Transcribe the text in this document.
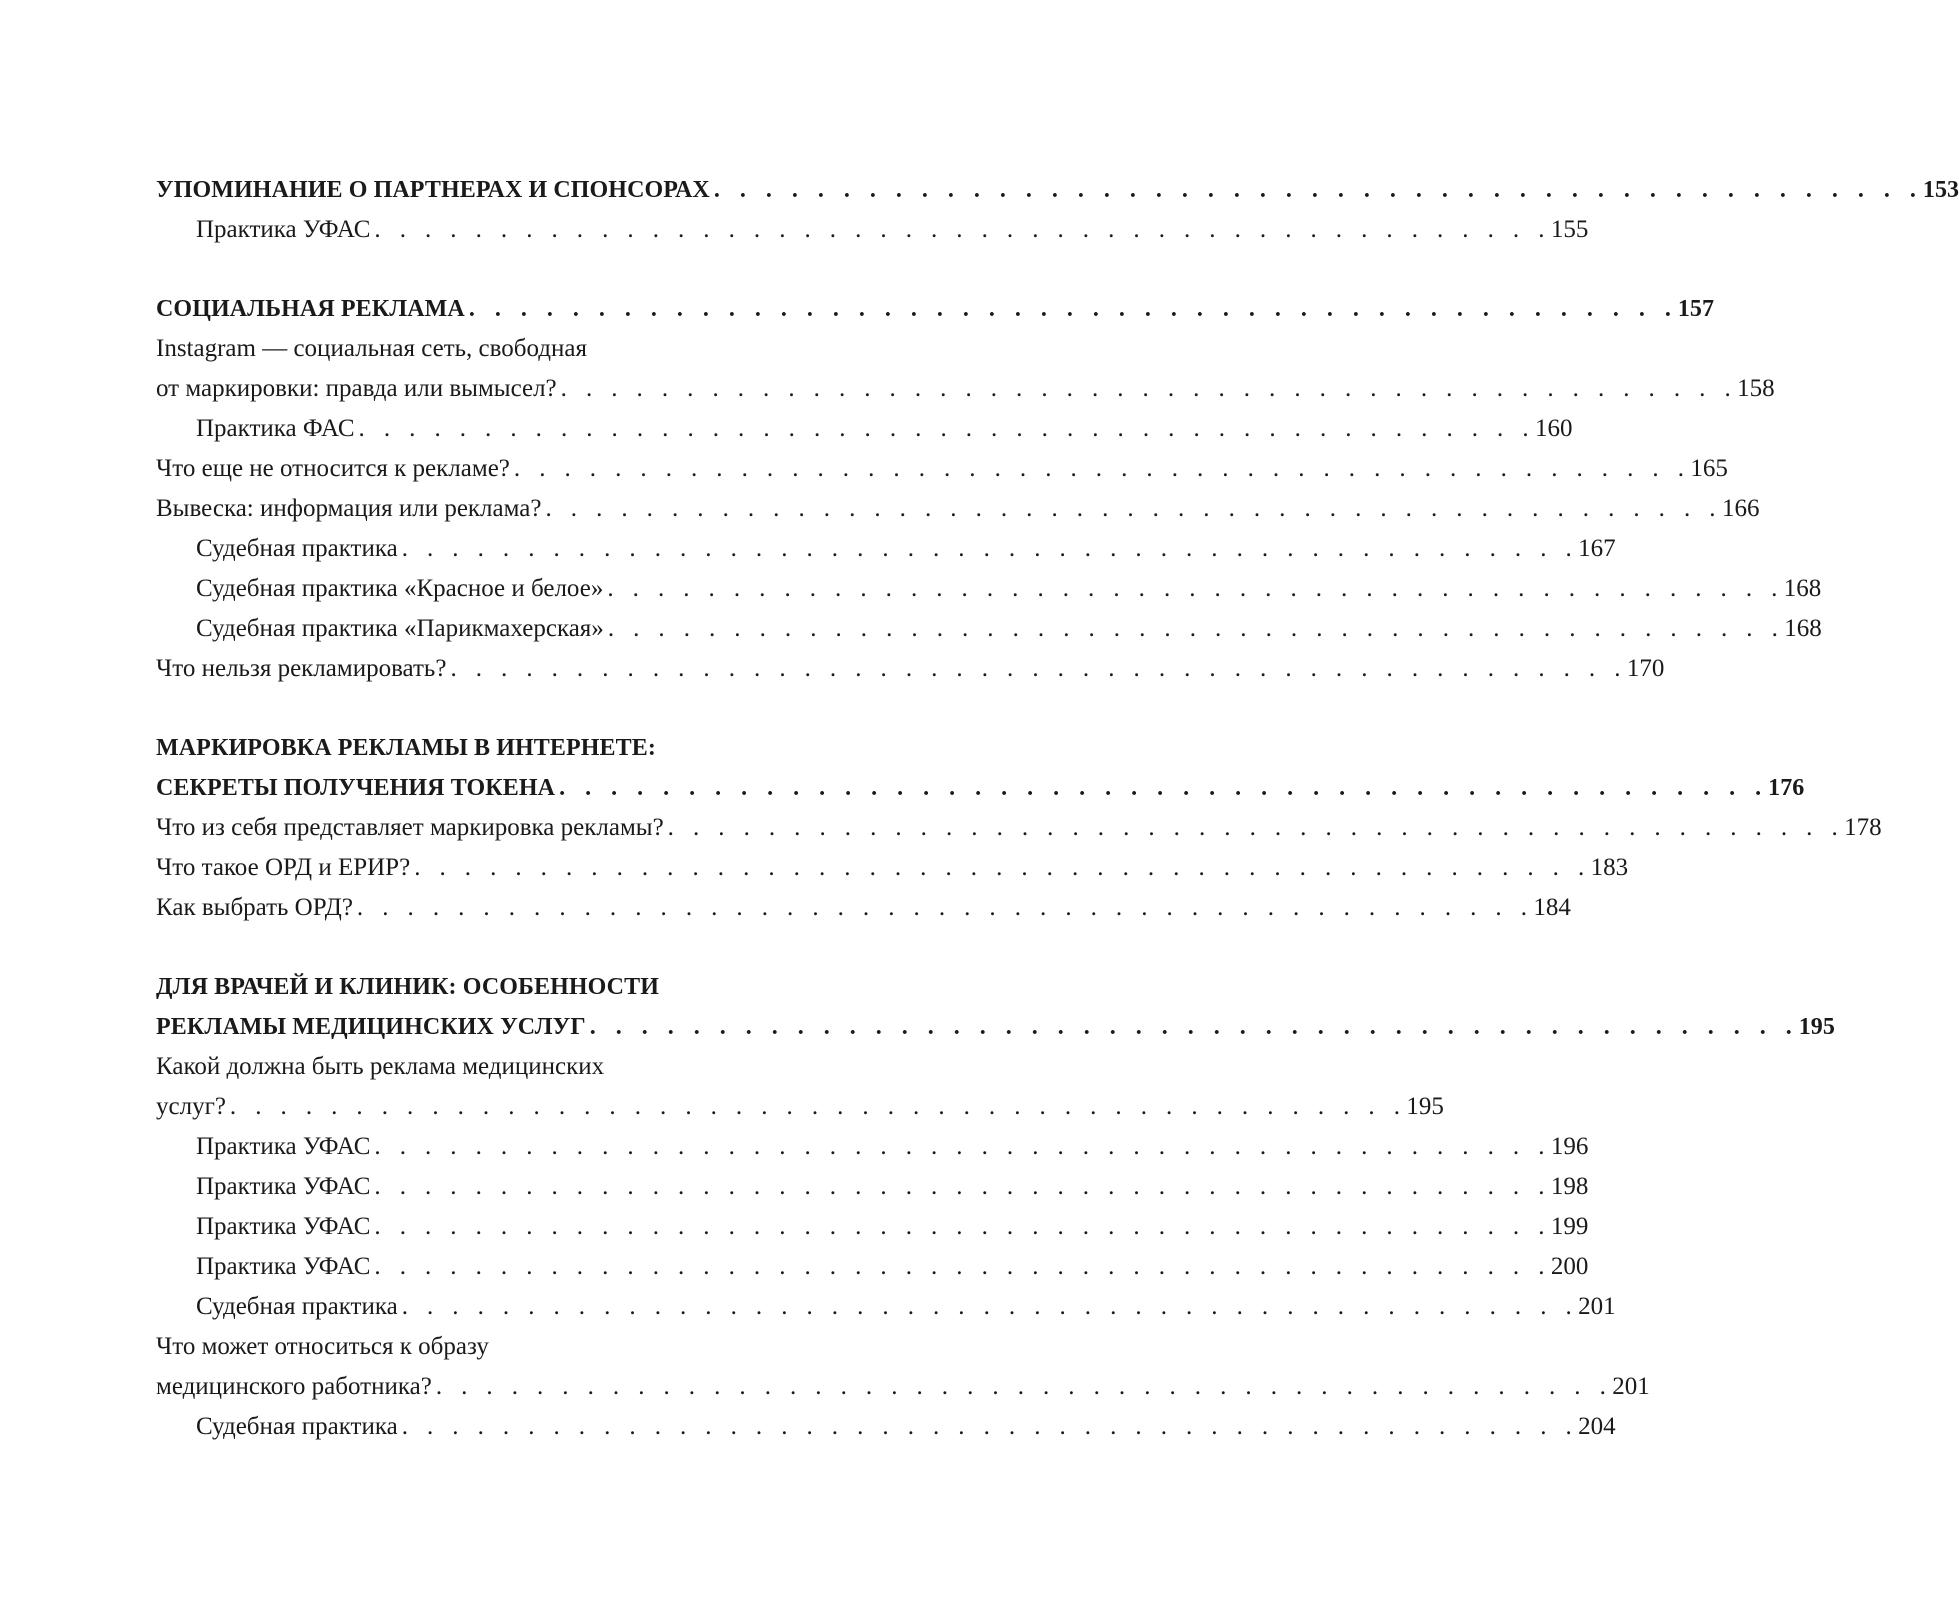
УПОМИНАНИЕ О ПАРТНЕРАХ И СПОНСОРАХ . . . . . . . . . . . . . . . . . . . . . . . . . . . . . . . . . . . . . . . . . . . . . . . 153
Практика УФАС . . . . . . . . . . . . . . . . . . . . . . . . . . . . . . . . . . . . . . . . . . . . . . . 155
СОЦИАЛЬНАЯ РЕКЛАМА . . . . . . . . . . . . . . . . . . . . . . . . . . . . . . . . . . . . . . . . . . . . . . . 157
Instagram — социальная сеть, свободная
от маркировки: правда или вымысел? . . . . . . . . . . . . . . . . . . . . . . . . . . . . . . . . . . . . . . . . . . . . . . . 158
Практика ФАС . . . . . . . . . . . . . . . . . . . . . . . . . . . . . . . . . . . . . . . . . . . . . . . 160
Что еще не относится к рекламе? . . . . . . . . . . . . . . . . . . . . . . . . . . . . . . . . . . . . . . . . . . . . . . . 165
Вывеска: информация или реклама? . . . . . . . . . . . . . . . . . . . . . . . . . . . . . . . . . . . . . . . . . . . . . . . 166
Судебная практика . . . . . . . . . . . . . . . . . . . . . . . . . . . . . . . . . . . . . . . . . . . . . . . 167
Судебная практика «Красное и белое» . . . . . . . . . . . . . . . . . . . . . . . . . . . . . . . . . . . . . . . . . . . . . . . 168
Судебная практика «Парикмахерская» . . . . . . . . . . . . . . . . . . . . . . . . . . . . . . . . . . . . . . . . . . . . . . . 168
Что нельзя рекламировать? . . . . . . . . . . . . . . . . . . . . . . . . . . . . . . . . . . . . . . . . . . . . . . . 170
МАРКИРОВКА РЕКЛАМЫ В ИНТЕРНЕТЕ:
СЕКРЕТЫ ПОЛУЧЕНИЯ ТОКЕНА . . . . . . . . . . . . . . . . . . . . . . . . . . . . . . . . . . . . . . . . . . . . . . . 176
Что из себя представляет маркировка рекламы? . . . . . . . . . . . . . . . . . . . . . . . . . . . . . . . . . . . . . . . . . . . . . . . 178
Что такое ОРД и ЕРИР? . . . . . . . . . . . . . . . . . . . . . . . . . . . . . . . . . . . . . . . . . . . . . . . 183
Как выбрать ОРД? . . . . . . . . . . . . . . . . . . . . . . . . . . . . . . . . . . . . . . . . . . . . . . . 184
ДЛЯ ВРАЧЕЙ И КЛИНИК: ОСОБЕННОСТИ
РЕКЛАМЫ МЕДИЦИНСКИХ УСЛУГ . . . . . . . . . . . . . . . . . . . . . . . . . . . . . . . . . . . . . . . . . . . . . . . 195
Какой должна быть реклама медицинских
услуг? . . . . . . . . . . . . . . . . . . . . . . . . . . . . . . . . . . . . . . . . . . . . . . . 195
Практика УФАС . . . . . . . . . . . . . . . . . . . . . . . . . . . . . . . . . . . . . . . . . . . . . . . 196
Практика УФАС . . . . . . . . . . . . . . . . . . . . . . . . . . . . . . . . . . . . . . . . . . . . . . . 198
Практика УФАС . . . . . . . . . . . . . . . . . . . . . . . . . . . . . . . . . . . . . . . . . . . . . . . 199
Практика УФАС . . . . . . . . . . . . . . . . . . . . . . . . . . . . . . . . . . . . . . . . . . . . . . . 200
Судебная практика . . . . . . . . . . . . . . . . . . . . . . . . . . . . . . . . . . . . . . . . . . . . . . . 201
Что может относиться к образу
медицинского работника? . . . . . . . . . . . . . . . . . . . . . . . . . . . . . . . . . . . . . . . . . . . . . . . 201
Судебная практика . . . . . . . . . . . . . . . . . . . . . . . . . . . . . . . . . . . . . . . . . . . . . . . 204
